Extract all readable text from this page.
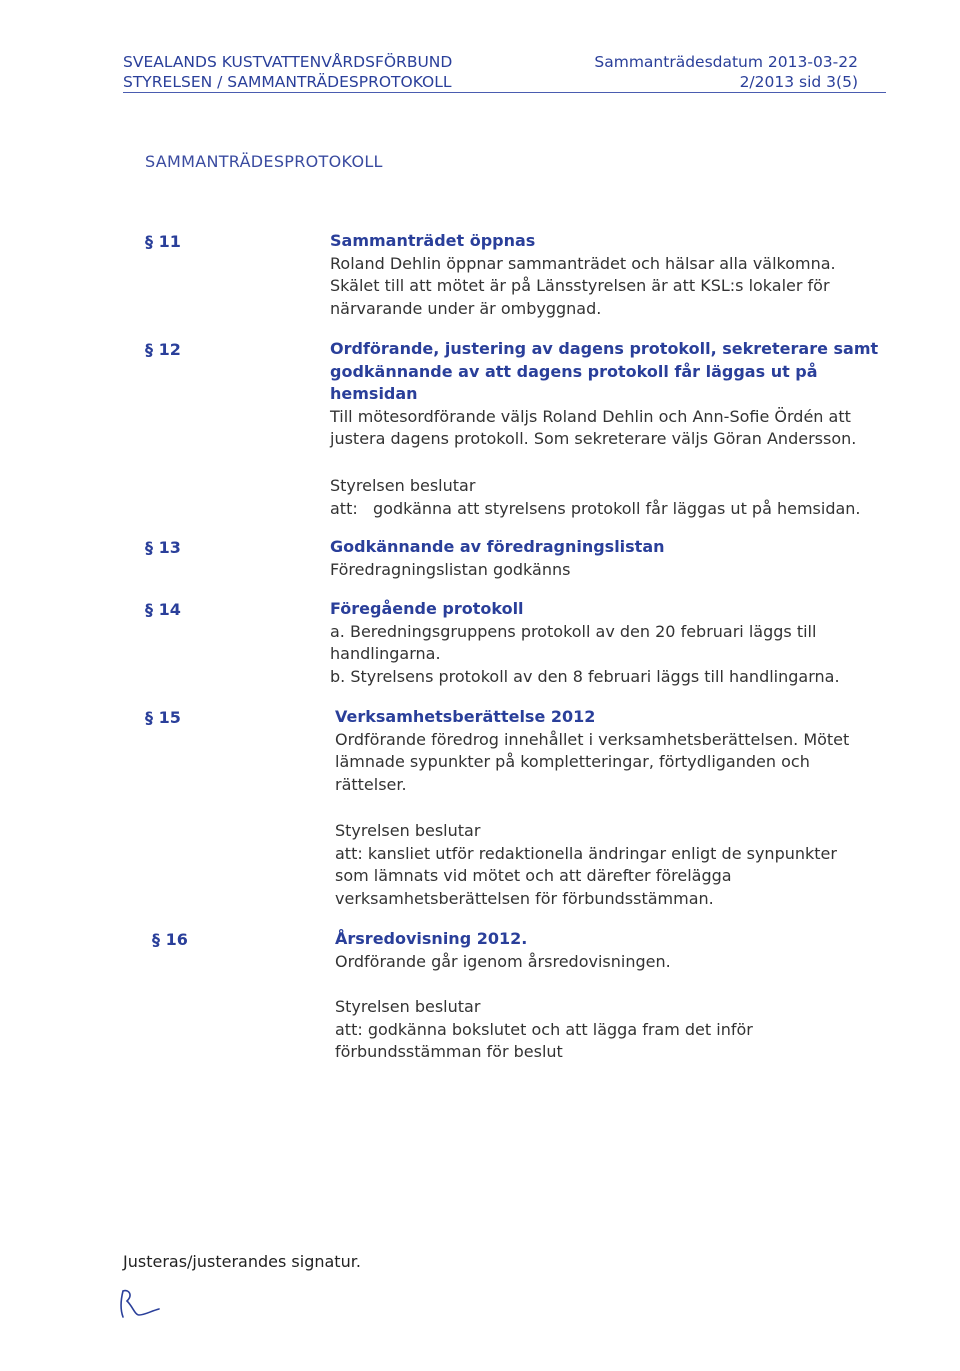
SVEALANDS KUSTVATTENVÅRDSFÖRBUND
STYRELSEN / SAMMANTRÄDESPROTOKOLL
Sammanträdesdatum 2013-03-22
2/2013 sid 3(5)
SAMMANTRÄDESPROTOKOLL
§ 11	Sammanträdet öppnas
Roland Dehlin öppnar sammanträdet och hälsar alla välkomna.
Skälet till att mötet är på Länsstyrelsen är att KSL:s lokaler för
närvarande under är ombyggnad.
§ 12	Ordförande, justering av dagens protokoll, sekreterare samt
godkännande av att dagens protokoll får läggas ut på
hemsidan
Till mötesordförande väljs Roland Dehlin och Ann-Sofie Ördén att
justera dagens protokoll. Som sekreterare väljs Göran Andersson.
Styrelsen beslutar
att:   godkänna att styrelsens protokoll får läggas ut på hemsidan.
§ 13	Godkännande av föredragningslistan
Föredragningslistan godkänns
§ 14	Föregående protokoll
a. Beredningsgruppens protokoll av den 20 februari läggs till
handlingarna.
b. Styrelsens protokoll av den 8 februari läggs till handlingarna.
§ 15	Verksamhetsberättelse 2012
Ordförande föredrog innehållet i verksamhetsberättelsen. Mötet
lämnade sypunkter på kompletteringar, förtydliganden och
rättelser.
Styrelsen beslutar
att: kansliet utför redaktionella ändringar enligt de synpunkter
som lämnats vid mötet och att därefter förelägga
verksamhetsberättelsen för förbundsstämman.
§ 16	Årsredovisning 2012.
Ordförande går igenom årsredovisningen.
Styrelsen beslutar
att: godkänna bokslutet och att lägga fram det inför
förbundsstämman för beslut
Justeras/justerandes signatur.
